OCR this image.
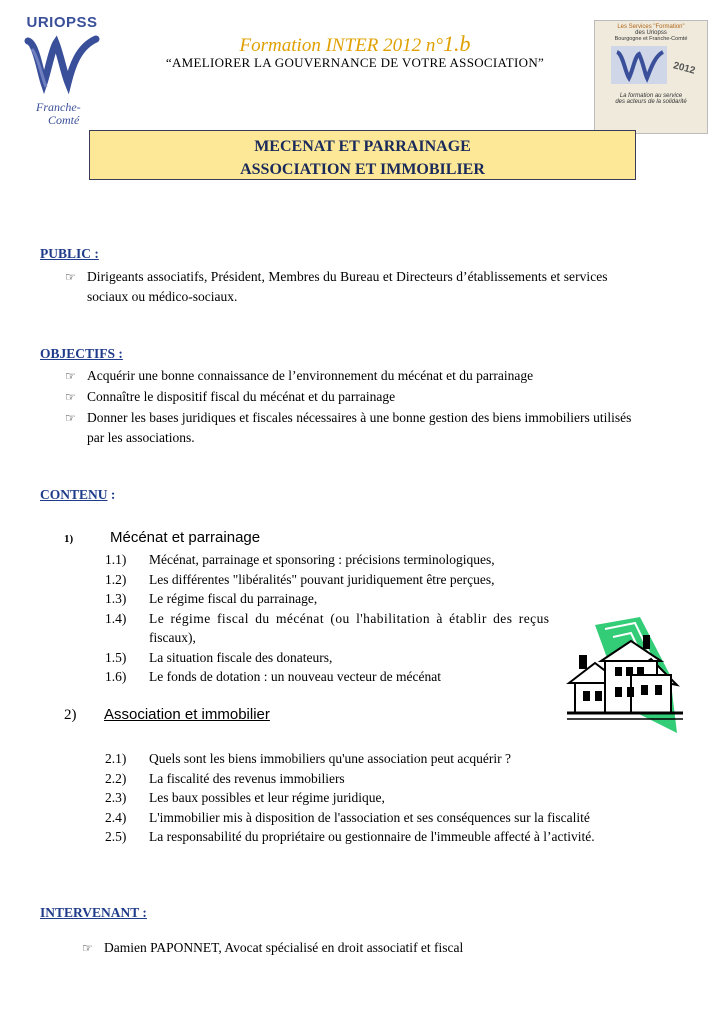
URIOPSS
Franche-
Comté
Formation INTER 2012 n°1.b
“AMELIORER LA GOUVERNANCE DE VOTRE ASSOCIATION”
Les Services "Formation"
des Uriopss
Bourgogne et Franche-Comté
2012
La formation au service
des acteurs de la solidarité
MECENAT ET PARRAINAGE
ASSOCIATION ET IMMOBILIER
PUBLIC :
☞ Dirigeants associatifs, Président, Membres du Bureau et Directeurs d’établissements et services
sociaux ou médico-sociaux.
OBJECTIFS :
☞ Acquérir une bonne connaissance de l’environnement du mécénat et du parrainage
☞ Connaître le dispositif fiscal du mécénat et du parrainage
☞ Donner les bases juridiques et fiscales nécessaires à une bonne gestion des biens immobiliers utilisés
par les associations.
CONTENU :
1) Mécénat et parrainage
1.1) Mécénat, parrainage et sponsoring : précisions terminologiques,
1.2) Les différentes "libéralités" pouvant juridiquement être perçues,
1.3) Le régime fiscal du parrainage,
1.4)	Le régime fiscal du mécénat (ou l'habilitation à établir des reçus
fiscaux),
1.5) La situation fiscale des donateurs,
1.6) Le fonds de dotation : un nouveau vecteur de mécénat
2) Association et immobilier
2.1) Quels sont les biens immobiliers qu'une association peut acquérir ?
2.2) La fiscalité des revenus immobiliers
2.3) Les baux possibles et leur régime juridique,
2.4) L'immobilier mis à disposition de l'association et ses conséquences sur la fiscalité
2.5) La responsabilité du propriétaire ou gestionnaire de l'immeuble affecté à l’activité.
INTERVENANT :
☞ Damien PAPONNET, Avocat spécialisé en droit associatif et fiscal
